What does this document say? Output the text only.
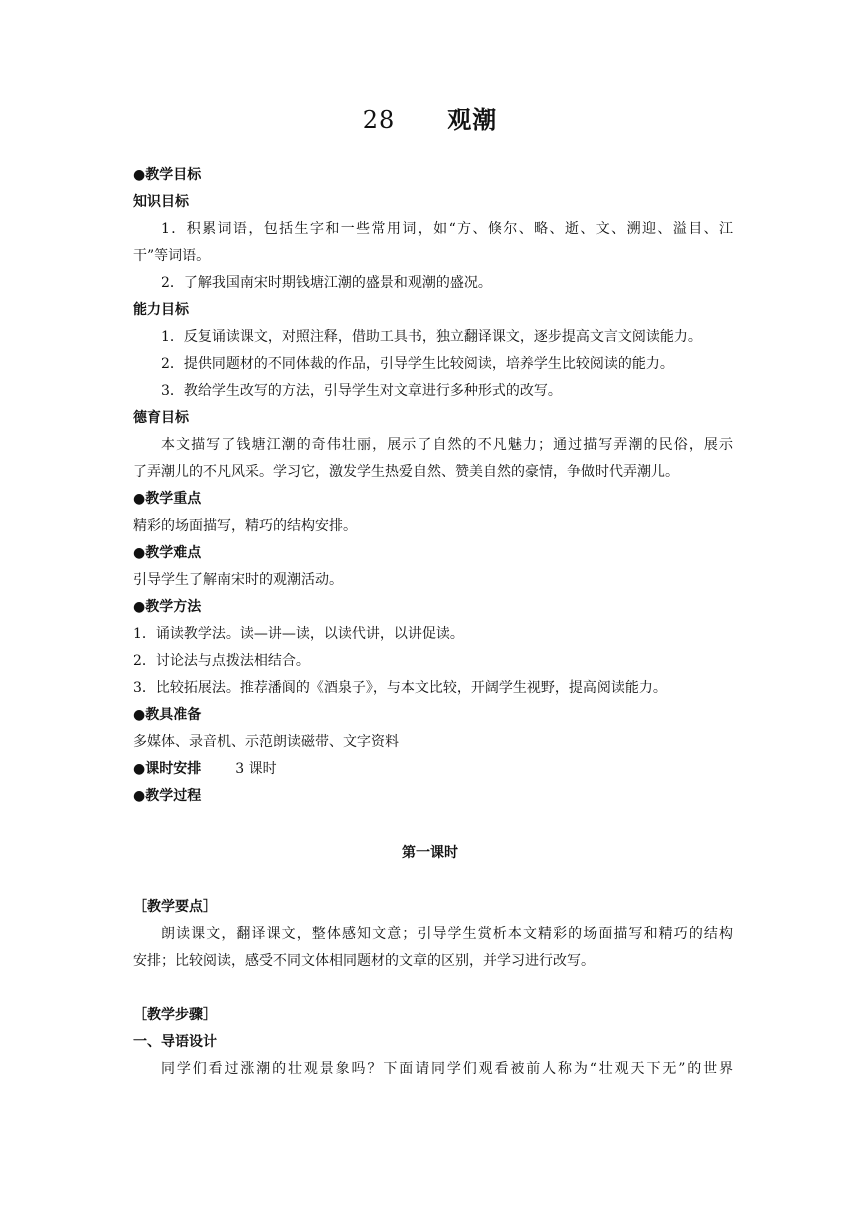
28 观潮
●教学目标
知识目标
1．积累词语，包括生字和一些常用词，如“方、倏尔、略、逝、文、溯迎、溢目、江
干”等词语。
2．了解我国南宋时期钱塘江潮的盛景和观潮的盛况。
能力目标
1．反复诵读课文，对照注释，借助工具书，独立翻译课文，逐步提高文言文阅读能力。
2．提供同题材的不同体裁的作品，引导学生比较阅读，培养学生比较阅读的能力。
3．教给学生改写的方法，引导学生对文章进行多种形式的改写。
德育目标
本文描写了钱塘江潮的奇伟壮丽，展示了自然的不凡魅力；通过描写弄潮的民俗，展示
了弄潮儿的不凡风采。学习它，激发学生热爱自然、赞美自然的豪情，争做时代弄潮儿。
●教学重点
精彩的场面描写，精巧的结构安排。
●教学难点
引导学生了解南宋时的观潮活动。
●教学方法
1．诵读教学法。读—讲—读，以读代讲，以讲促读。
2．讨论法与点拨法相结合。
3．比较拓展法。推荐潘阆的《酒泉子》，与本文比较，开阔学生视野，提高阅读能力。
●教具准备
多媒体、录音机、示范朗读磁带、文字资料
●课时安排 3 课时
●教学过程
第一课时
［教学要点］
朗读课文，翻译课文，整体感知文意；引导学生赏析本文精彩的场面描写和精巧的结构
安排；比较阅读，感受不同文体相同题材的文章的区别，并学习进行改写。
［教学步骤］
一、导语设计
同学们看过涨潮的壮观景象吗？下面请同学们观看被前人称为“壮观天下无”的世界
